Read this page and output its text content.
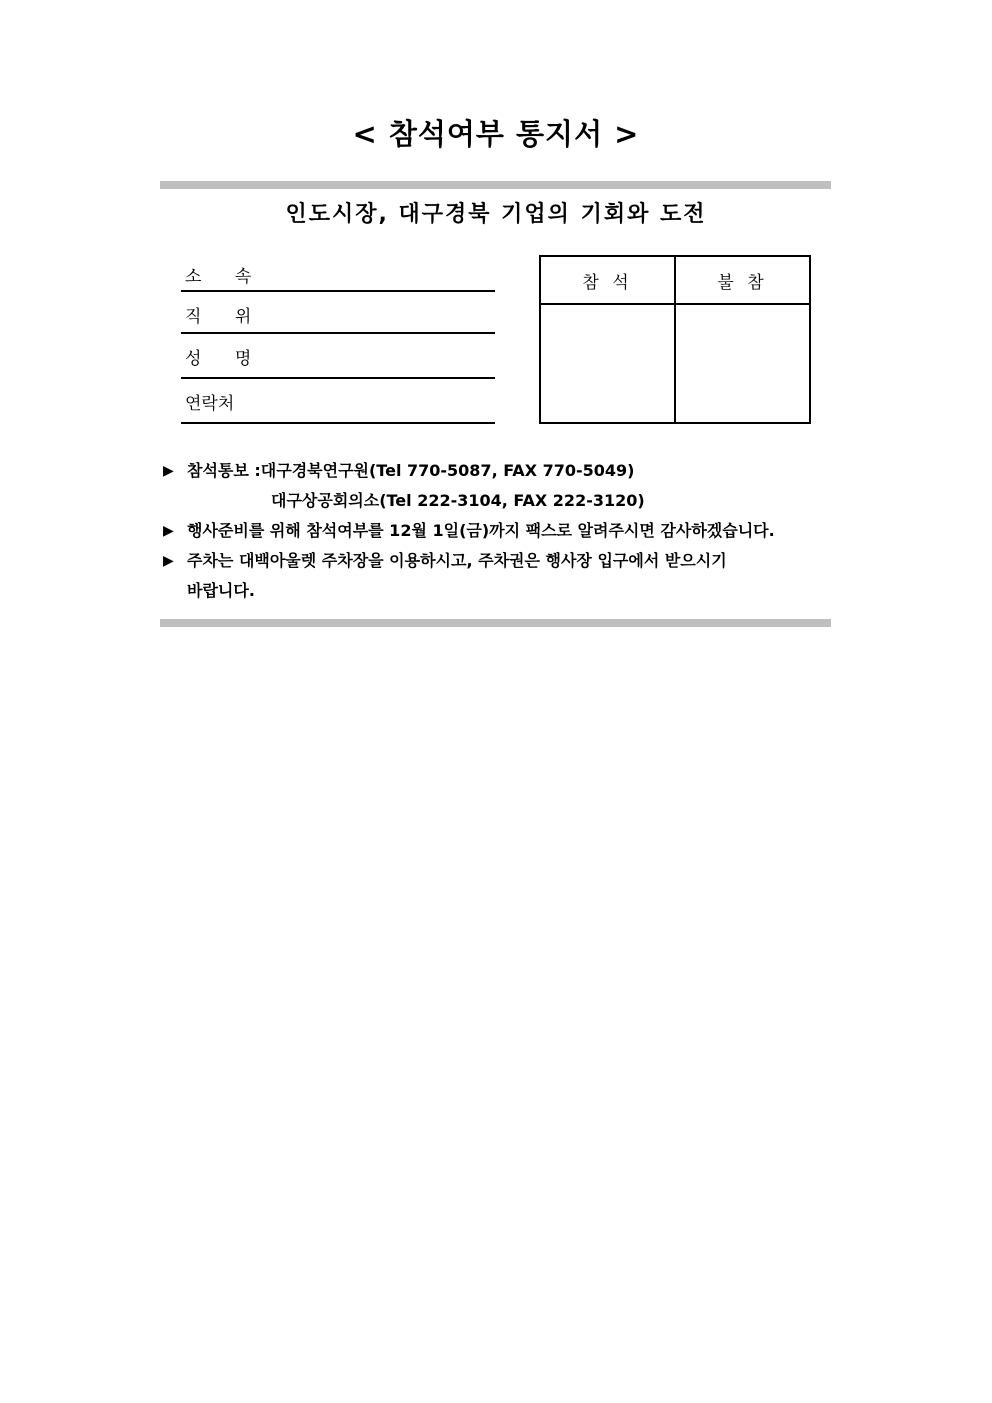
< 참석여부 통지서 >
인도시장, 대구경북 기업의 기회와 도전
소 속
직 위
성 명
연락처
참 석	불 참

▶ 참석통보 : 대구경북연구원(Tel 770-5087, FAX 770-5049)
대구상공회의소(Tel 222-3104, FAX 222-3120)
▶ 행사준비를 위해 참석여부를 12월 1일(금)까지 팩스로 알려주시면 감사하겠습니다.
▶ 주차는 대백아울렛 주차장을 이용하시고, 주차권은 행사장 입구에서 받으시기
바랍니다.
